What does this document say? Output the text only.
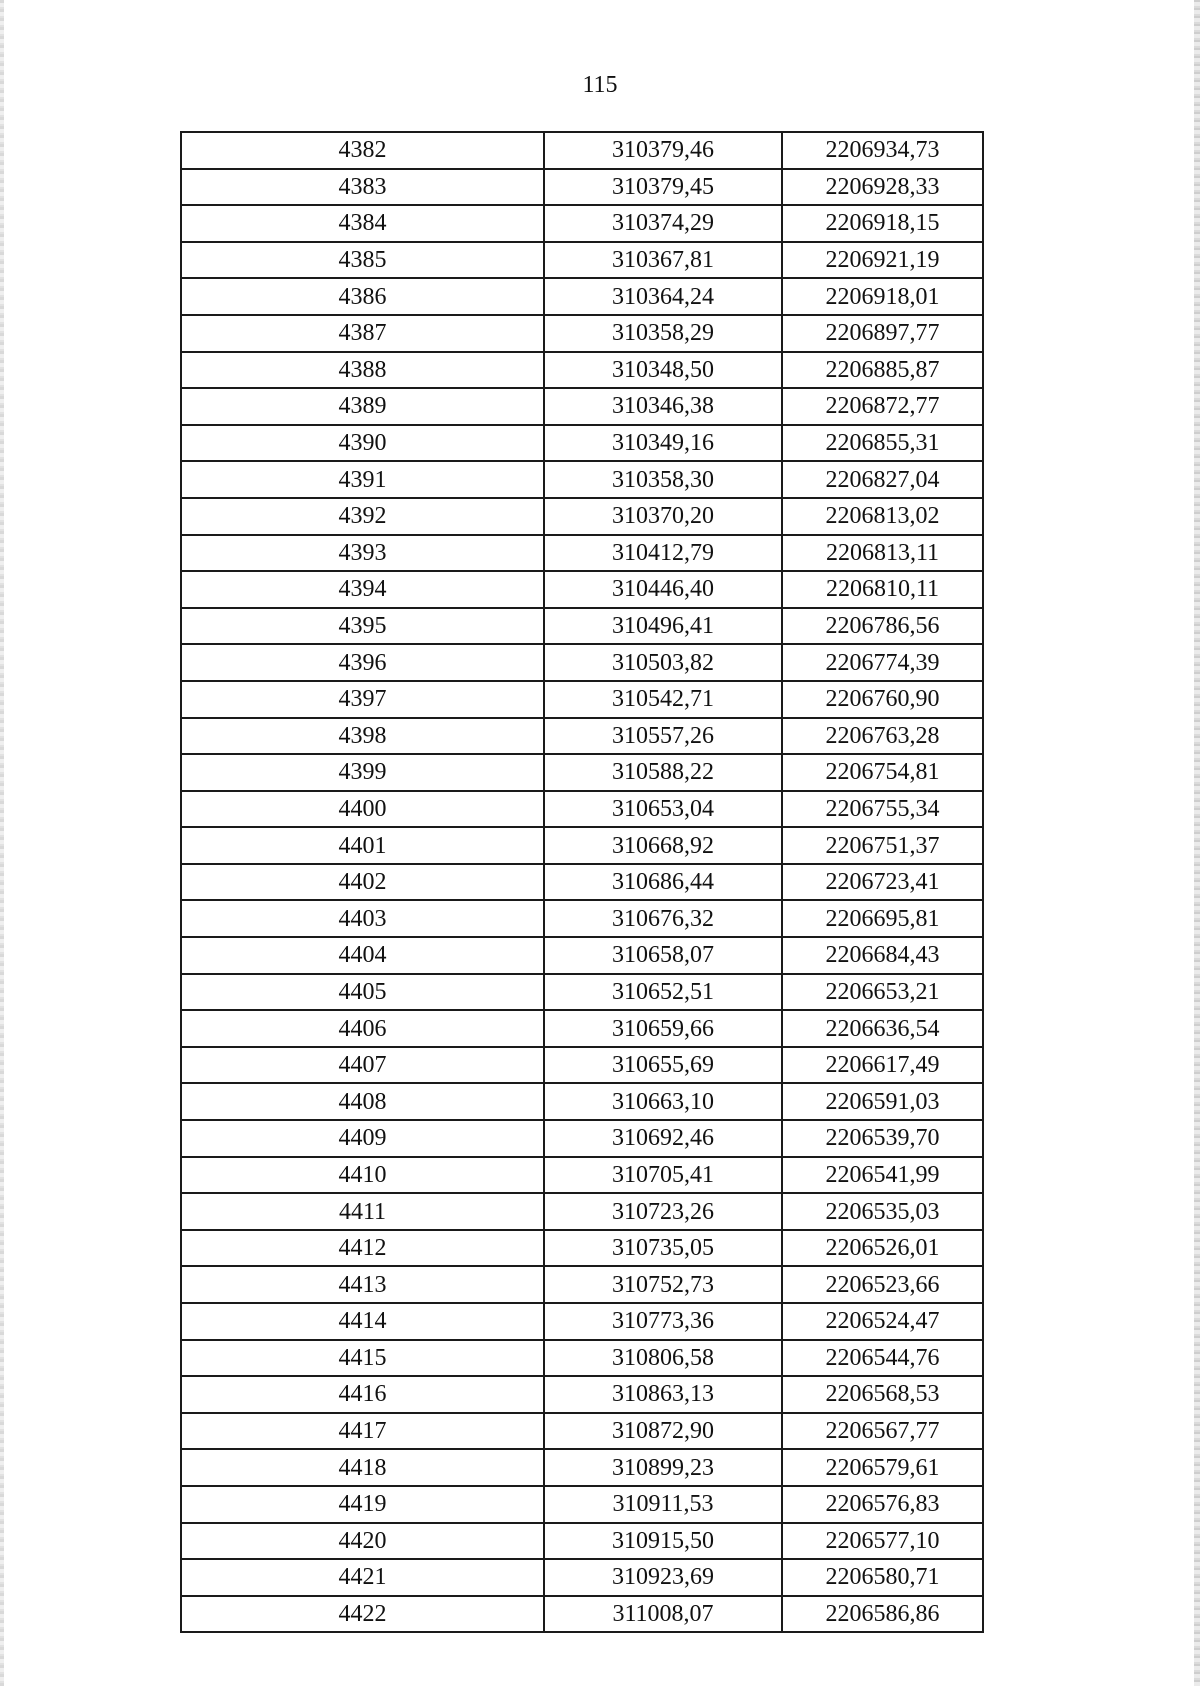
115
4382	310379,46	2206934,73
4383	310379,45	2206928,33
4384	310374,29	2206918,15
4385	310367,81	2206921,19
4386	310364,24	2206918,01
4387	310358,29	2206897,77
4388	310348,50	2206885,87
4389	310346,38	2206872,77
4390	310349,16	2206855,31
4391	310358,30	2206827,04
4392	310370,20	2206813,02
4393	310412,79	2206813,11
4394	310446,40	2206810,11
4395	310496,41	2206786,56
4396	310503,82	2206774,39
4397	310542,71	2206760,90
4398	310557,26	2206763,28
4399	310588,22	2206754,81
4400	310653,04	2206755,34
4401	310668,92	2206751,37
4402	310686,44	2206723,41
4403	310676,32	2206695,81
4404	310658,07	2206684,43
4405	310652,51	2206653,21
4406	310659,66	2206636,54
4407	310655,69	2206617,49
4408	310663,10	2206591,03
4409	310692,46	2206539,70
4410	310705,41	2206541,99
4411	310723,26	2206535,03
4412	310735,05	2206526,01
4413	310752,73	2206523,66
4414	310773,36	2206524,47
4415	310806,58	2206544,76
4416	310863,13	2206568,53
4417	310872,90	2206567,77
4418	310899,23	2206579,61
4419	310911,53	2206576,83
4420	310915,50	2206577,10
4421	310923,69	2206580,71
4422	311008,07	2206586,86
